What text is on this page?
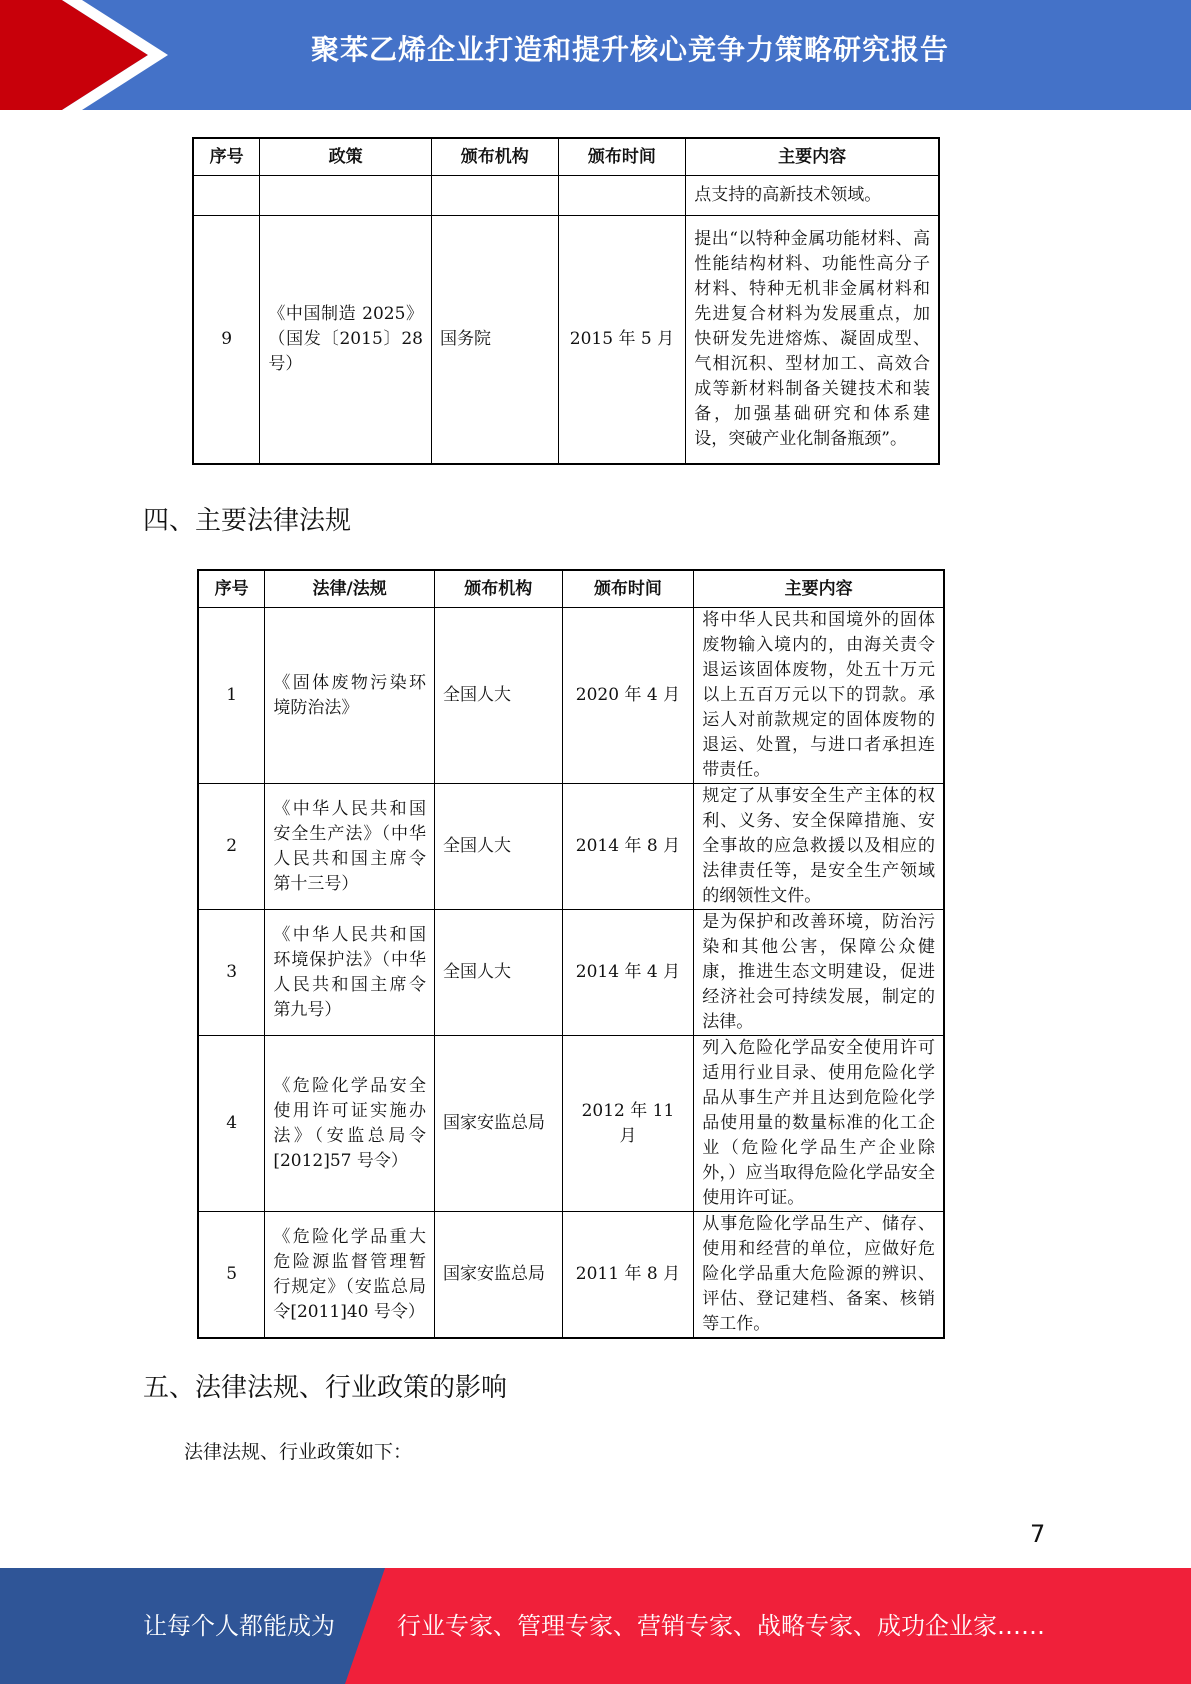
聚苯乙烯企业打造和提升核心竞争力策略研究报告
序号	政策	颁布机构	颁布时间	主要内容
				点支持的高新技术领域。
9	《中国制造 2025》（国发〔2015〕28号）	国务院	2015 年 5 月	提出“以特种金属功能材料、高性能结构材料、功能性高分子材料、特种无机非金属材料和先进复合材料为发展重点，加快研发先进熔炼、凝固成型、气相沉积、型材加工、高效合成等新材料制备关键技术和装备，加强基础研究和体系建设，突破产业化制备瓶颈”。
四、主要法律法规
序号	法律/法规	颁布机构	颁布时间	主要内容
1	《固体废物污染环境防治法》	全国人大	2020 年 4 月	将中华人民共和国境外的固体废物输入境内的，由海关责令退运该固体废物，处五十万元以上五百万元以下的罚款。承运人对前款规定的固体废物的退运、处置，与进口者承担连带责任。
2	《中华人民共和国安全生产法》（中华人民共和国主席令第十三号）	全国人大	2014 年 8 月	规定了从事安全生产主体的权利、义务、安全保障措施、安全事故的应急救援以及相应的法律责任等，是安全生产领域的纲领性文件。
3	《中华人民共和国环境保护法》（中华人民共和国主席令第九号）	全国人大	2014 年 4 月	是为保护和改善环境，防治污染和其他公害，保障公众健康，推进生态文明建设，促进经济社会可持续发展，制定的法律。
4	《危险化学品安全使用许可证实施办法》（安监总局令 [2012]57 号令）	国家安监总局	2012 年 11 月	列入危险化学品安全使用许可适用行业目录、使用危险化学品从事生产并且达到危险化学品使用量的数量标准的化工企业（危险化学品生产企业除外，）应当取得危险化学品安全使用许可证。
5	《危险化学品重大危险源监督管理暂行规定》（安监总局令[2011]40 号令）	国家安监总局	2011 年 8 月	从事危险化学品生产、储存、使用和经营的单位，应做好危险化学品重大危险源的辨识、评估、登记建档、备案、核销等工作。
五、法律法规、行业政策的影响
法律法规、行业政策如下：
7
让每个人都能成为	行业专家、管理专家、营销专家、战略专家、成功企业家……
